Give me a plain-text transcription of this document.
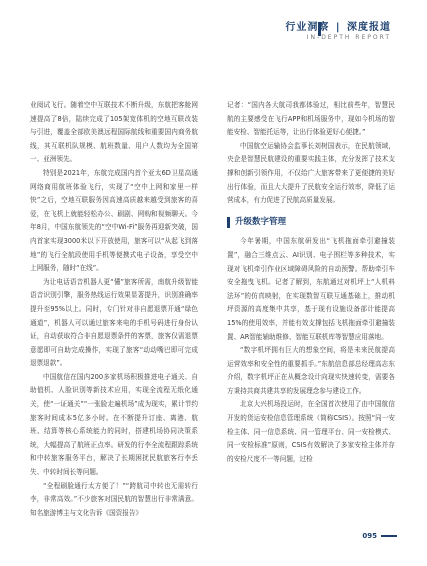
行业洞察 | 深度报道
IN-DEPTH REPORT

业阅试飞行。随着空中互联技术不断升级，东航把客舱网速提高了8倍，陆续完成了105架宽体机的空地互联改装与引进，覆盖全部欧美澳远程国际航线和重要国内商务航线，其互联机队规模、航班数量、用户人数均为全国第一、亚洲领先。

特别是2021年，东航完成国内首个亚太6D卫星高通网络商用航班体验飞行，实现了“空中上网和家里一样快”之后，空地互联服务因高速高质越来越受到旅客的喜爱，在飞机上就能轻松办公、刷剧、网购和视频聊天。今年8月，中国东航领先的“空中Wi-Fi”服务再迎新突破，国内首家实现3000米以下开放使用，旅客可以“从起飞到落地”的飞行全航段使用手机等便携式电子设备，享受空中上网服务，随时“在线”。

为让电话语音机器人更“懂”旅客所需，南航升级智能语音识别引擎，服务热线运行效果显著提升，识别准确率提升至95%以上。同时，专门针对非自愿退票开通“绿色通道”，机器人可以通过旅客来电的手机号码进行身份认证，自动获取符合非自愿退票条件的客票，旅客仅需退票意愿即可自助完成操作，实现了旅客“动动嘴巴即可完成退票退款”。

中国航信在国内200多家机场积极推进电子通关、自助值机、人脸识别等新技术应用，实现全流程无纸化通关，使“一证通关”“一张脸走遍机场”成为现实，累计节约旅客时间成本5亿多小时。在不断提升订座、离港、航班、结算等核心系统能力的同时，搭建机场协同决策系统，大幅提高了航班正点率。研发的行李全流程跟踪系统和中转旅客服务平台，解决了长期困扰民航旅客行李丢失、中转时间长等问题。

“全程刷脸通行太方便了！”“跨航司中转也无需转行李，非常高效。”不少旅客对国民航的智慧出行非常满意。知名旅游博主与文化告诉《国资报告》

记者：“国内各大航司我都体验过，相比前些年，智慧民航的主要感受在飞行APP和机场服务中，现如今机场的智能安检、智能托运等，让出行体验更好心便捷。”

中国航空运输协会监事长刘树国表示，在民航领域，央企是智慧民航建设的重要实践主体，充分发挥了技术支撑和创新引领作用，不仅给广大旅客带来了更便捷的美好出行体验，而且大大提升了民航安全运行效率，降低了运营成本，有力促进了民航高质量发展。

升级数字管理

今年暑期，中国东航研发出“飞机拖面牵引避撞装置”，融合三维点云、AI识别、电子围栏等多种技术，实现对飞机牵引作业区域障碍风险的自动预警。帮助牵引车安全拖曳飞机。记者了解到，东航通过对机坪上“人机料法环”的仿真映射，在实现数智互联互通基础上，推动机坪资源的高度集中共享，基于现有设施设备部计能提高15%的使用效率，并能有效支撑包括飞机拖面牵引避撞装置、AR智能辅助维修、智能互联机库等智慧应用落地。

“数字机坪拥有巨大的想象空间，将是未来民航提高运营效率和安全性的重要抓手。”东航信息部总经理高志东介绍，数字机坪正在从概念设计向现实快速转变，需要各方秉持共商共建共享的发展理念参与建设工作。

北京大兴机场投运时，在全国首次使用了由中国航信开发的货运安检信息管理系统（简称CSIS）。按照“同一安检主体、同一信息系统、同一管理平台、同一安检模式、同一安检标准”原则，CSIS有效解决了多家安检主体并存的安检尺度不一等问题，过检

095
